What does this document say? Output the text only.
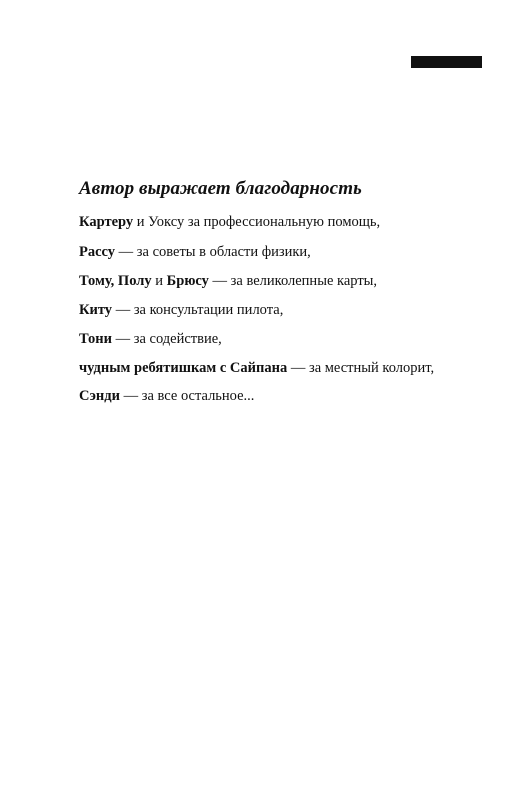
Автор выражает благодарность
Картеру и Уоксу за профессиональную помощь,
Рассу — за советы в области физики,
Тому, Полу и Брюсу — за великолепные карты,
Киту — за консультации пилота,
Тони — за содействие,
чудным ребятишкам с Сайпана — за местный колорит,
Сэнди — за все остальное...
